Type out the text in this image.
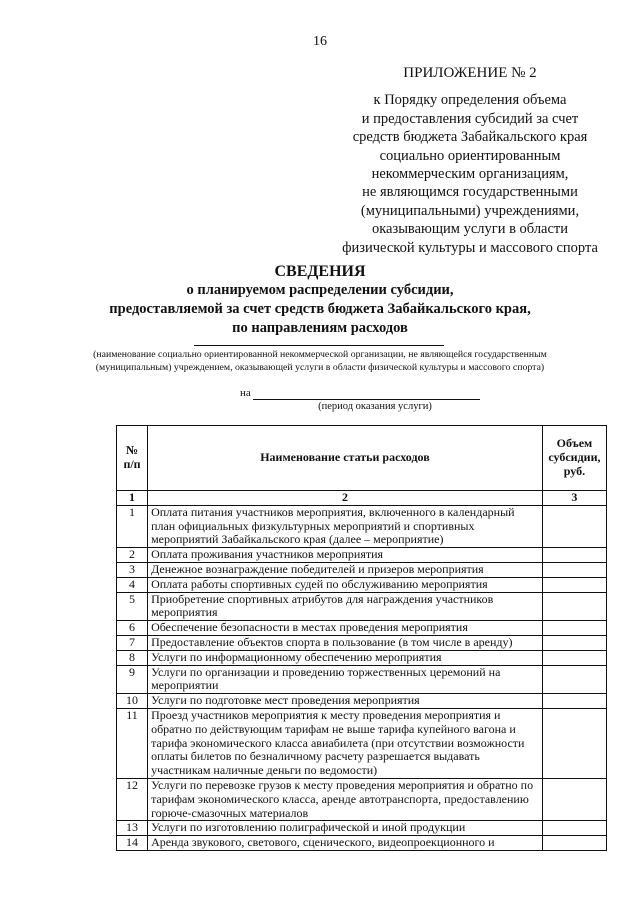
16
ПРИЛОЖЕНИЕ № 2
к Порядку определения объема
и предоставления субсидий за счет
средств бюджета Забайкальского края
социально ориентированным
некоммерческим организациям,
не являющимся государственными
(муниципальными) учреждениями,
оказывающим услуги в области
физической культуры и массового спорта
СВЕДЕНИЯ
о планируемом распределении субсидии,
предоставляемой за счет средств бюджета Забайкальского края,
по направлениям расходов
(наименование социально ориентированной некоммерческой организации, не являющейся государственным (муниципальным) учреждением, оказывающей услуги в области физической культуры и массового спорта)
на
(период оказания услуги)
№ п/п	Наименование статьи расходов	Объем субсидии, руб.
1	2	3
1	Оплата питания участников мероприятия, включенного в календарный план официальных физкультурных мероприятий и спортивных мероприятий Забайкальского края (далее – мероприятие)	
2	Оплата проживания участников мероприятия	
3	Денежное вознаграждение победителей и призеров мероприятия	
4	Оплата работы спортивных судей по обслуживанию мероприятия	
5	Приобретение спортивных атрибутов для награждения участников мероприятия	
6	Обеспечение безопасности в местах проведения мероприятия	
7	Предоставление объектов спорта в пользование (в том числе в аренду)	
8	Услуги по информационному обеспечению мероприятия	
9	Услуги по организации и проведению торжественных церемоний на мероприятии	
10	Услуги по подготовке мест проведения мероприятия	
11	Проезд участников мероприятия к месту проведения мероприятия и обратно по действующим тарифам не выше тарифа купейного вагона и тарифа экономического класса авиабилета (при отсутствии возможности оплаты билетов по безналичному расчету разрешается выдавать участникам наличные деньги по ведомости)	
12	Услуги по перевозке грузов к месту проведения мероприятия и обратно по тарифам экономического класса, аренде автотранспорта, предоставлению горюче-смазочных материалов	
13	Услуги по изготовлению полиграфической и иной продукции	
14	Аренда звукового, светового, сценического, видеопроекционного и	
